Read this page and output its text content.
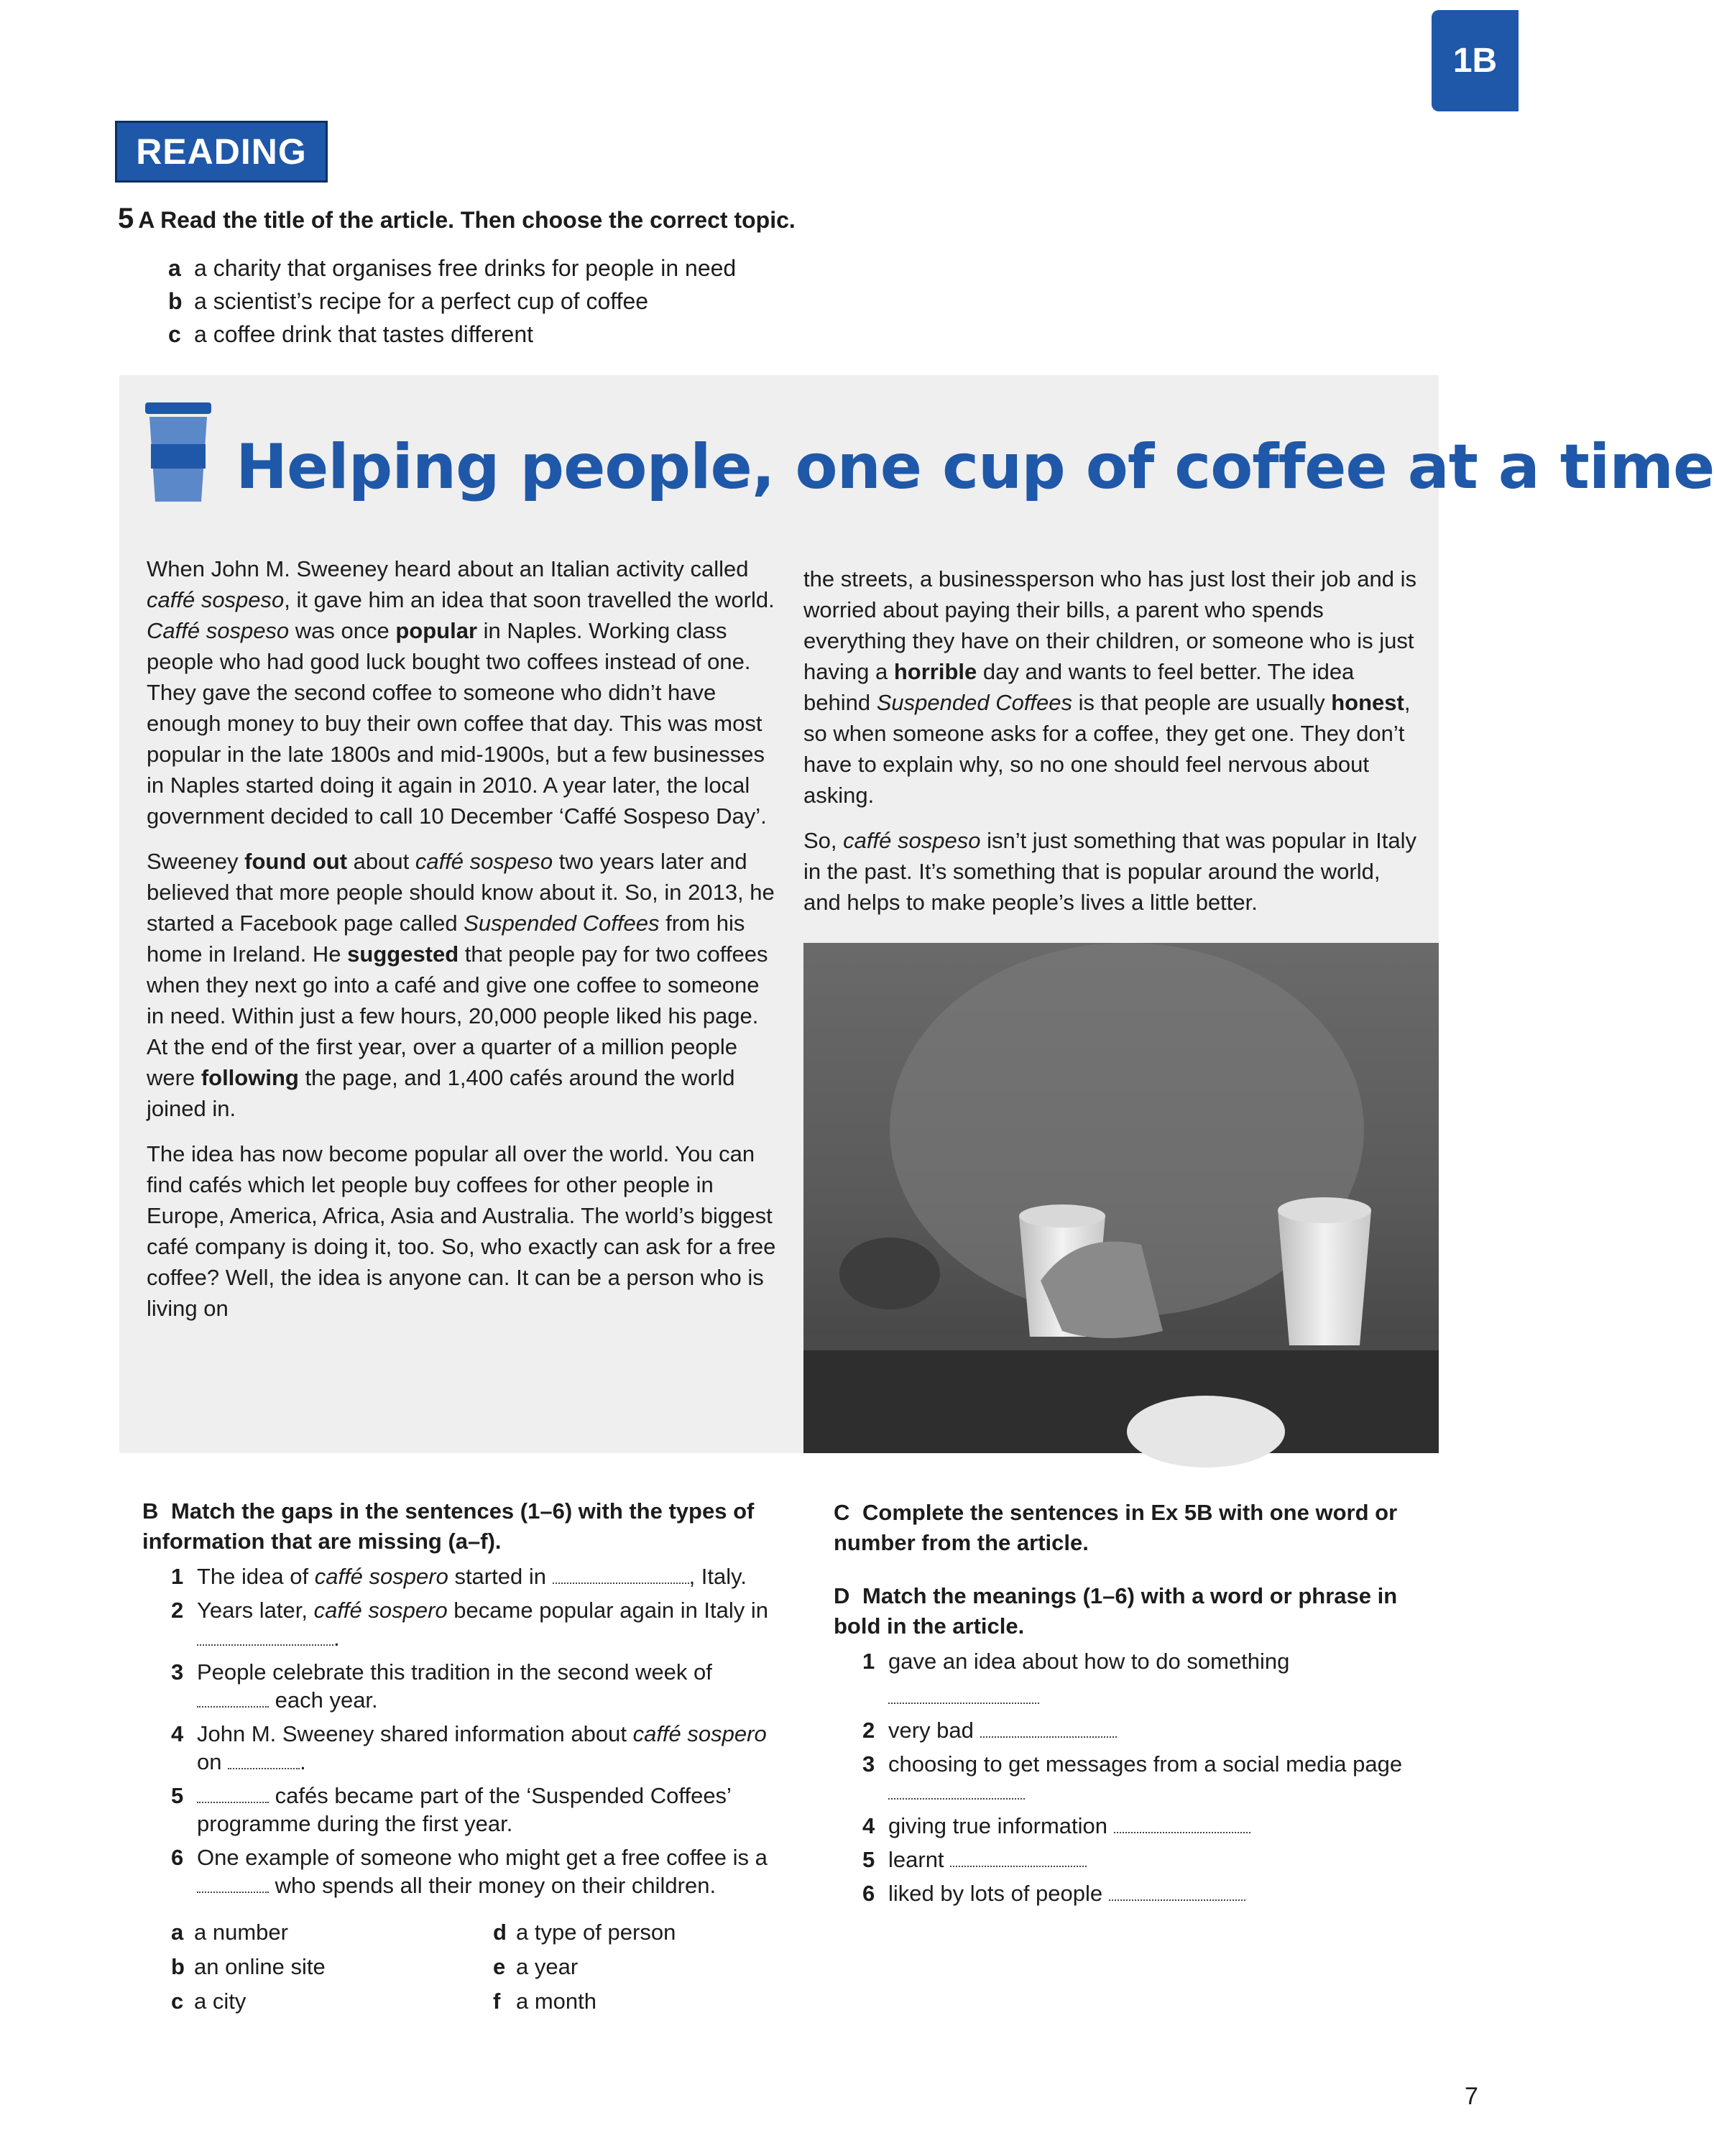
1B
READING
5 A Read the title of the article. Then choose the correct topic.
a a charity that organises free drinks for people in need
b a scientist’s recipe for a perfect cup of coffee
c a coffee drink that tastes different
Helping people, one cup of coffee at a time

When John M. Sweeney heard about an Italian activity called caffé sospeso, it gave him an idea that soon travelled the world. Caffé sospeso was once popular in Naples. Working class people who had good luck bought two coffees instead of one. They gave the second coffee to someone who didn’t have enough money to buy their own coffee that day. This was most popular in the late 1800s and mid-1900s, but a few businesses in Naples started doing it again in 2010. A year later, the local government decided to call 10 December ‘Caffé Sospeso Day’.

Sweeney found out about caffé sospeso two years later and believed that more people should know about it. So, in 2013, he started a Facebook page called Suspended Coffees from his home in Ireland. He suggested that people pay for two coffees when they next go into a café and give one coffee to someone in need. Within just a few hours, 20,000 people liked his page. At the end of the first year, over a quarter of a million people were following the page, and 1,400 cafés around the world joined in.

The idea has now become popular all over the world. You can find cafés which let people buy coffees for other people in Europe, America, Africa, Asia and Australia. The world’s biggest café company is doing it, too. So, who exactly can ask for a free coffee? Well, the idea is anyone can. It can be a person who is living on

the streets, a businessperson who has just lost their job and is worried about paying their bills, a parent who spends everything they have on their children, or someone who is just having a horrible day and wants to feel better. The idea behind Suspended Coffees is that people are usually honest, so when someone asks for a coffee, they get one. They don’t have to explain why, so no one should feel nervous about asking.

So, caffé sospeso isn’t just something that was popular in Italy in the past. It’s something that is popular around the world, and helps to make people’s lives a little better.

B Match the gaps in the sentences (1–6) with the types of information that are missing (a–f).
1 The idea of caffé sospero started in	, Italy.
2 Years later, caffé sospero became popular again in Italy in .
3 People celebrate this tradition in the second week of  each year.
4 John M. Sweeney shared information about caffé sospero on	.
5	cafés became part of the ‘Suspended Coffees’ programme during the first year.
6 One example of someone who might get a free coffee is a  who spends all their money on their children.
a a number
b an online site
c a city
d a type of person
e a year
f a month
C Complete the sentences in Ex 5B with one word or number from the article.
D Match the meanings (1–6) with a word or phrase in bold in the article.
1 gave an idea about how to do something

2 very bad
3 choosing to get messages from a social media page
4 giving true information
5 learnt
6 liked by lots of people
7
